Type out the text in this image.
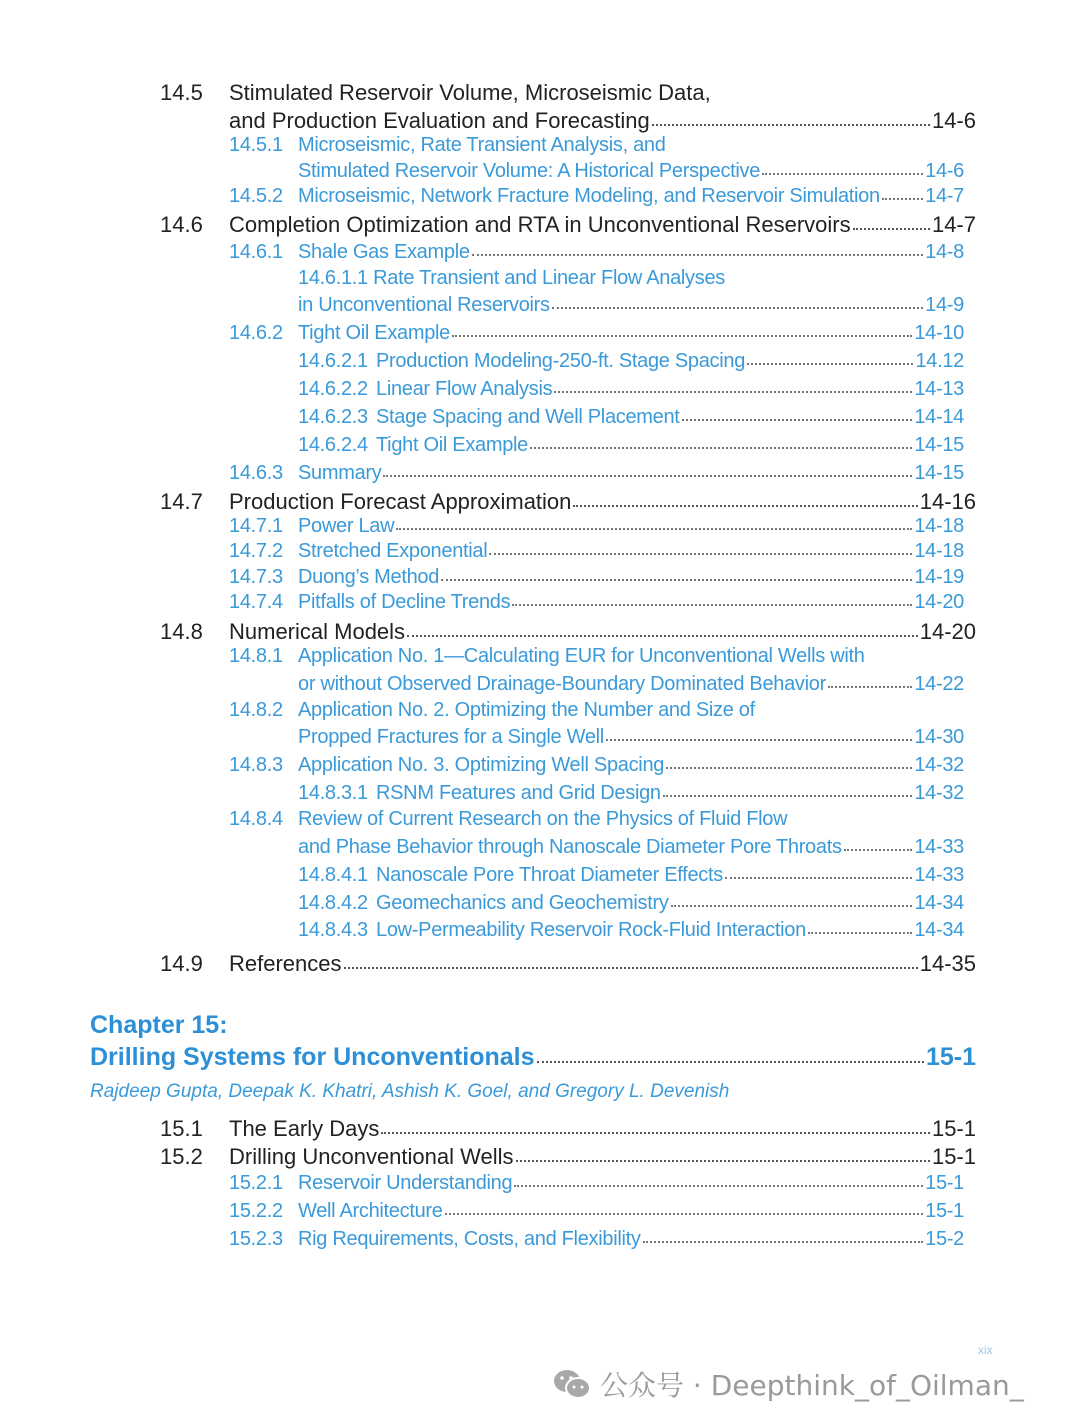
14.5	Stimulated Reservoir Volume, Microseismic Data,
and Production Evaluation and Forecasting	14-6
14.5.1 Microseismic, Rate Transient Analysis, and
Stimulated Reservoir Volume: A Historical Perspective	14-6
14.5.2 Microseismic, Network Fracture Modeling, and Reservoir Simulation 14-7
14.6	Completion Optimization and RTA in Unconventional Reservoirs	14-7
14.6.1 Shale Gas Example	14-8
14.6.1.1 Rate Transient and Linear Flow Analyses
in Unconventional Reservoirs	14-9
14.6.2 Tight Oil Example	14-10
14.6.2.1 Production Modeling-250-ft. Stage Spacing	14.12
14.6.2.2 Linear Flow Analysis	14-13
14.6.2.3 Stage Spacing and Well Placement	14-14
14.6.2.4 Tight Oil Example	14-15
14.6.3 Summary	14-15
14.7	Production Forecast Approximation	14-16
14.7.1 Power Law	14-18
14.7.2 Stretched Exponential	14-18
14.7.3 Duong’s Method	14-19
14.7.4 Pitfalls of Decline Trends	14-20
14.8	Numerical Models	14-20
14.8.1 Application No. 1—Calculating EUR for Unconventional Wells with
or without Observed Drainage-Boundary Dominated Behavior	14-22
14.8.2 Application No. 2. Optimizing the Number and Size of
Propped Fractures for a Single Well	14-30
14.8.3 Application No. 3. Optimizing Well Spacing	14-32
14.8.3.1 RSNM Features and Grid Design	14-32
14.8.4 Review of Current Research on the Physics of Fluid Flow
and Phase Behavior through Nanoscale Diameter Pore Throats	14-33
14.8.4.1 Nanoscale Pore Throat Diameter Effects	14-33
14.8.4.2 Geomechanics and Geochemistry	14-34
14.8.4.3 Low-Permeability Reservoir Rock-Fluid Interaction	14-34
14.9	References	14-35
Chapter 15:
Drilling Systems for Unconventionals	15-1
Rajdeep Gupta, Deepak K. Khatri, Ashish K. Goel, and Gregory L. Devenish
15.1	The Early Days	15-1
15.2	Drilling Unconventional Wells	15-1
15.2.1 Reservoir Understanding	15-1
15.2.2 Well Architecture	15-1
15.2.3 Rig Requirements, Costs, and Flexibility	15-2
xix
公众号 · Deepthink_of_Oilman_
